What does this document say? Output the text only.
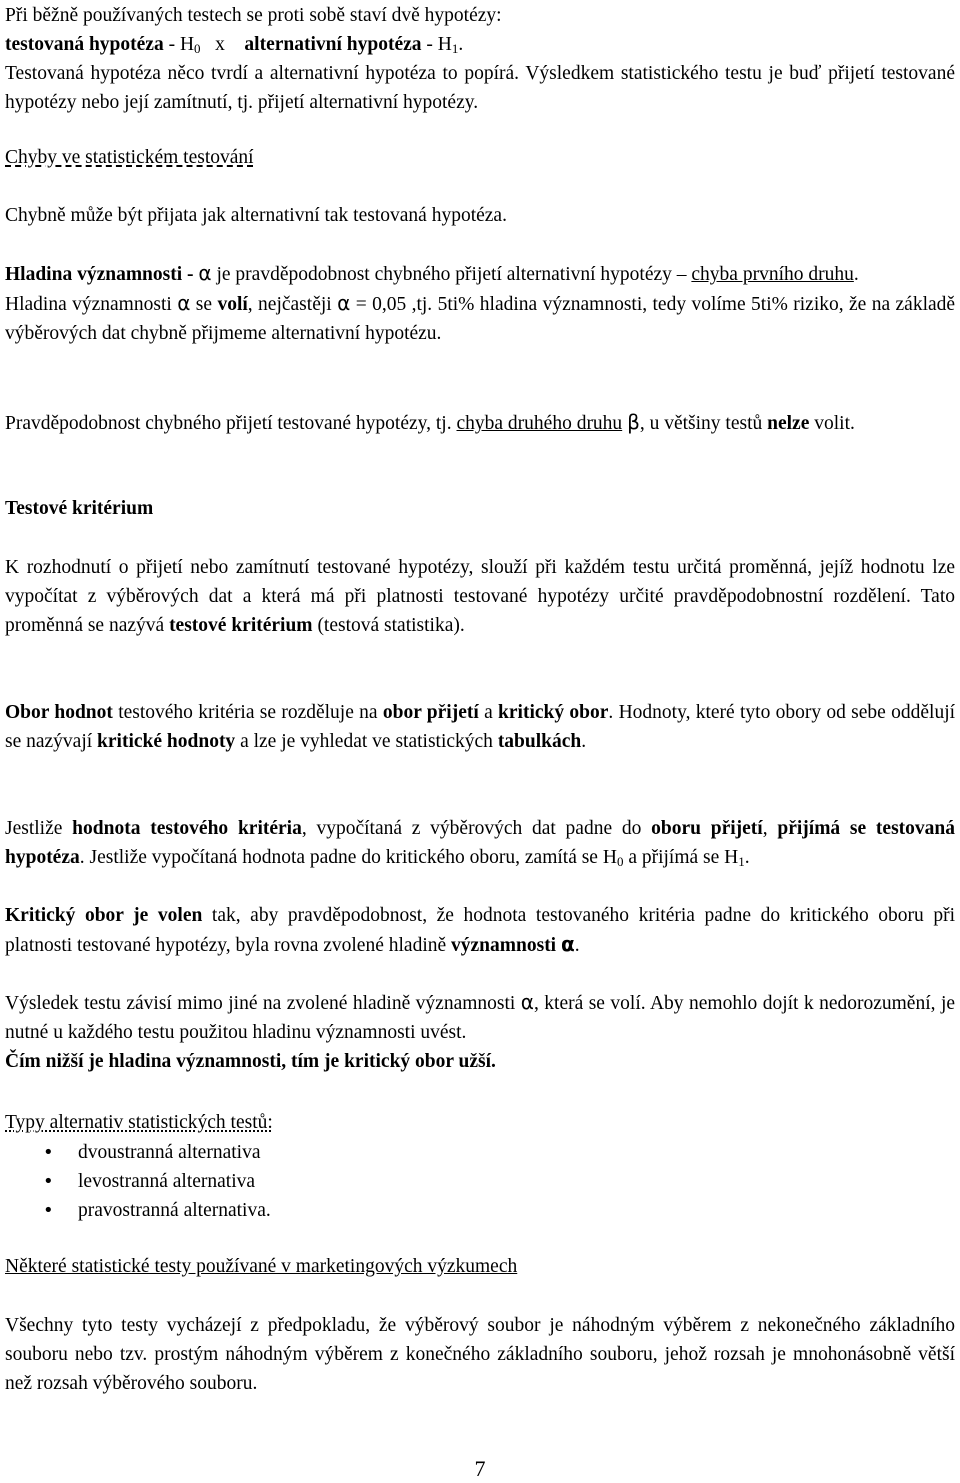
Při běžně používaných testech se proti sobě staví dvě hypotézy:
testovaná hypotéza - $H_0$ x alternativní hypotéza - $H_1$.
Testovaná hypotéza něco tvrdí a alternativní hypotéza to popírá. Výsledkem statistického testu je buď přijetí testované hypotézy nebo její zamítnutí, tj. přijetí alternativní hypotézy.

Chyby ve statistickém testování

Chybně může být přijata jak alternativní tak testovaná hypotéza.

Hladina významnosti - α je pravděpodobnost chybného přijetí alternativní hypotézy – chyba prvního druhu.
Hladina významnosti α se volí, nejčastěji α = 0,05 ,tj. 5ti% hladina významnosti, tedy volíme 5ti% riziko, že na základě výběrových dat chybně přijmeme alternativní hypotézu.

Pravděpodobnost chybného přijetí testované hypotézy, tj. chyba druhého druhu β, u většiny testů nelze volit.

Testové kritérium

K rozhodnutí o přijetí nebo zamítnutí testované hypotézy, slouží při každém testu určitá proměnná, jejíž hodnotu lze vypočítat z výběrových dat a která má při platnosti testované hypotézy určité pravděpodobnostní rozdělení. Tato proměnná se nazývá testové kritérium (testová statistika).

Obor hodnot testového kritéria se rozděluje na obor přijetí a kritický obor. Hodnoty, které tyto obory od sebe oddělují se nazývají kritické hodnoty a lze je vyhledat ve statistických tabulkách.

Jestliže hodnota testového kritéria, vypočítaná z výběrových dat padne do oboru přijetí, přijímá se testovaná hypotéza. Jestliže vypočítaná hodnota padne do kritického oboru, zamítá se $H_0$ a přijímá se $H_1$.

Kritický obor je volen tak, aby pravděpodobnost, že hodnota testovaného kritéria padne do kritického oboru při platnosti testované hypotézy, byla rovna zvolené hladině významnosti α.

Výsledek testu závisí mimo jiné na zvolené hladině významnosti α, která se volí. Aby nemohlo dojít k nedorozumění, je nutné u každého testu použitou hladinu významnosti uvést.
Čím nižší je hladina významnosti, tím je kritický obor užší.

Typy alternativ statistických testů:

• dvoustranná alternativa
• levostranná alternativa
• pravostranná alternativa.

Některé statistické testy používané v marketingových výzkumech

Všechny tyto testy vycházejí z předpokladu, že výběrový soubor je náhodným výběrem z nekonečného základního souboru nebo tzv. prostým náhodným výběrem z konečného základního souboru, jehož rozsah je mnohonásobně větší než rozsah výběrového souboru.

7
